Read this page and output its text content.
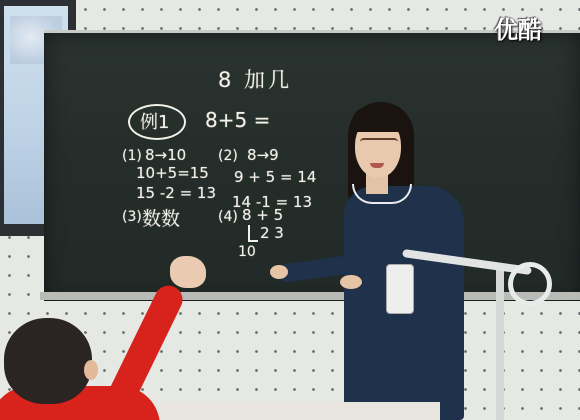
8 加几
例1 8+5 =
(1) 8→10
10+5=15
15 -2 = 13
(2) 8→9
9 + 5 = 14
14 -1 = 13
(3) 数数	(4) 8 + 5
2 3
10
优酷
